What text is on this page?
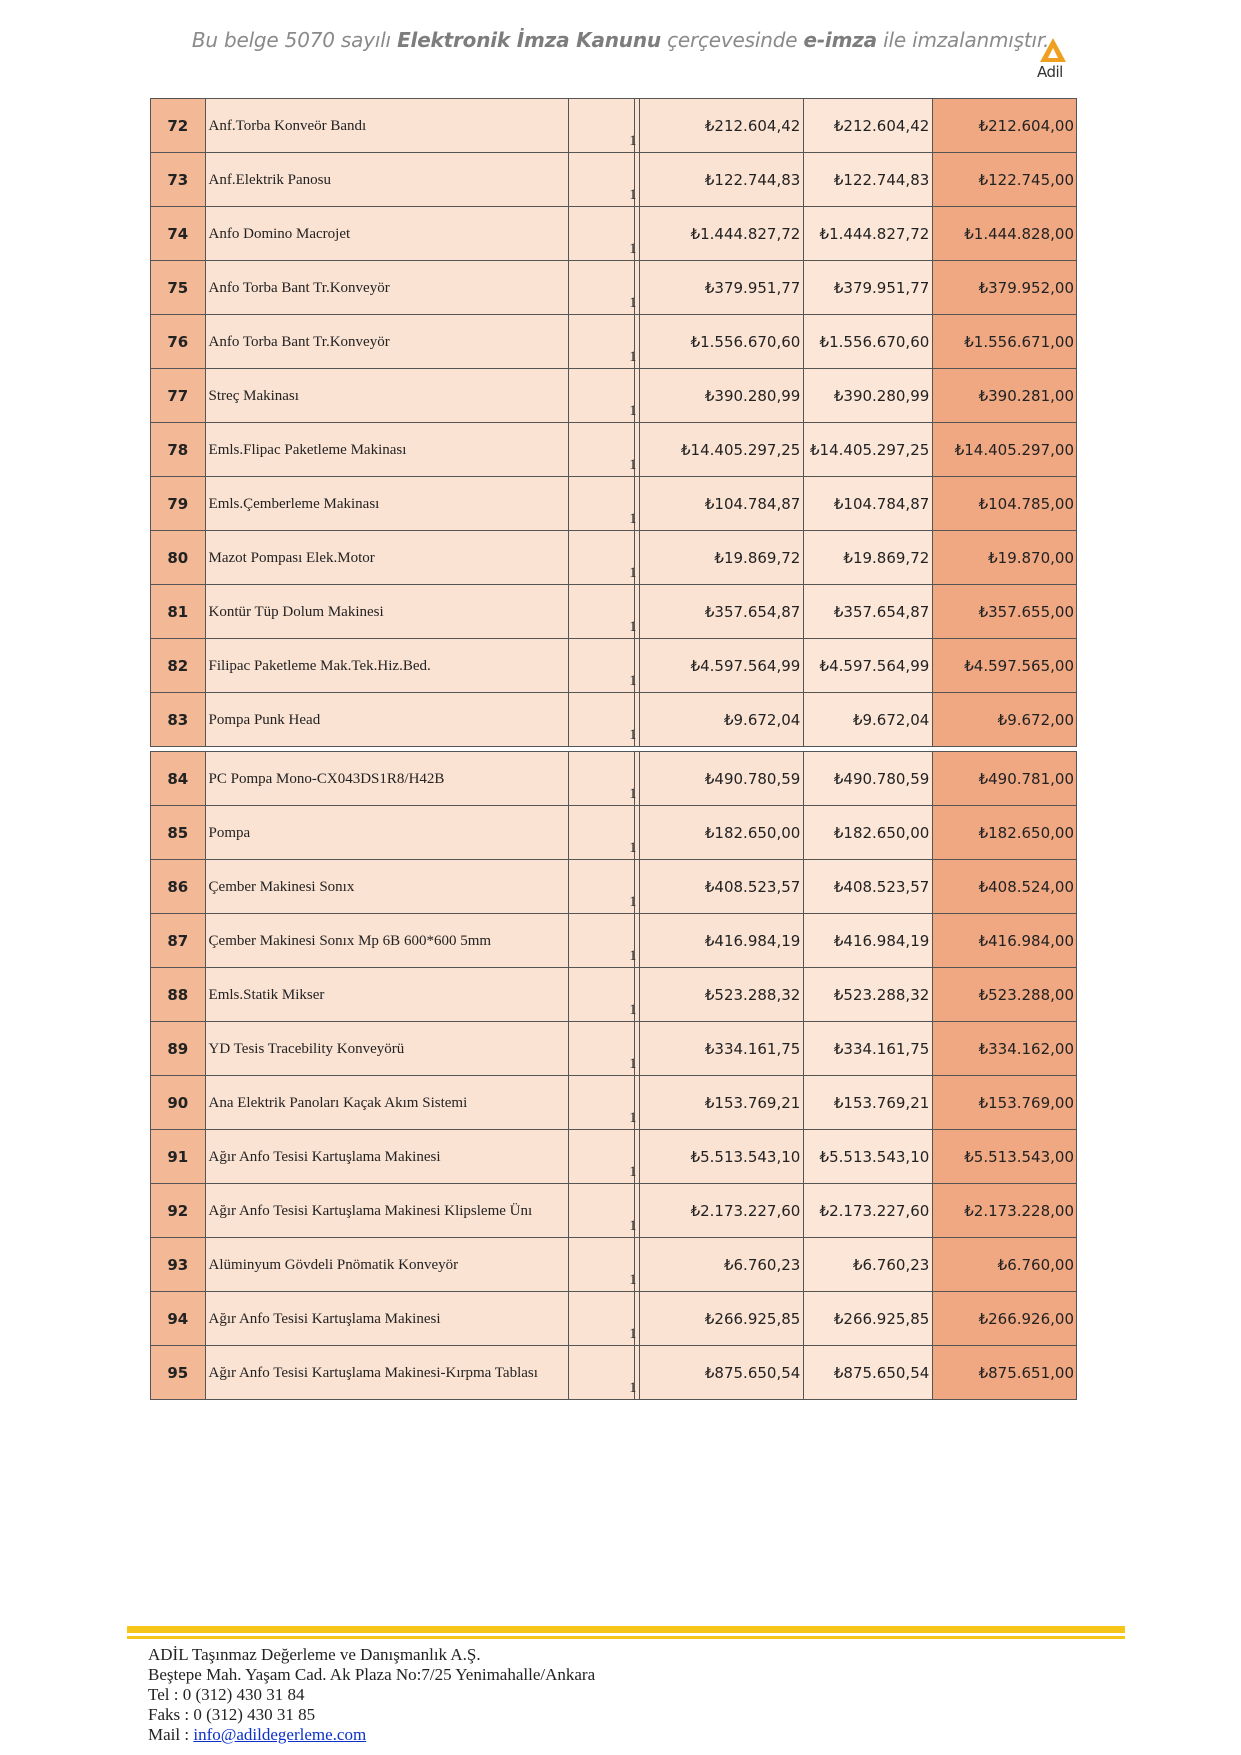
Bu belge 5070 sayılı Elektronik İmza Kanunu çerçevesinde e-imza ile imzalanmıştır.
Adil
72	Anf.Torba Konveör Bandı		1	₺212.604,42	₺212.604,42	₺212.604,00
73	Anf.Elektrik Panosu		1	₺122.744,83	₺122.744,83	₺122.745,00
74	Anfo Domino Macrojet		1	₺1.444.827,72	₺1.444.827,72	₺1.444.828,00
75	Anfo Torba Bant Tr.Konveyör		1	₺379.951,77	₺379.951,77	₺379.952,00
76	Anfo Torba Bant Tr.Konveyör		1	₺1.556.670,60	₺1.556.670,60	₺1.556.671,00
77	Streç Makinası		1	₺390.280,99	₺390.280,99	₺390.281,00
78	Emls.Flipac Paketleme Makinası		1	₺14.405.297,25	₺14.405.297,25	₺14.405.297,00
79	Emls.Çemberleme Makinası		1	₺104.784,87	₺104.784,87	₺104.785,00
80	Mazot Pompası Elek.Motor		1	₺19.869,72	₺19.869,72	₺19.870,00
81	Kontür Tüp Dolum Makinesi		1	₺357.654,87	₺357.654,87	₺357.655,00
82	Filipac Paketleme Mak.Tek.Hiz.Bed.		1	₺4.597.564,99	₺4.597.564,99	₺4.597.565,00
83	Pompa Punk Head		1	₺9.672,04	₺9.672,04	₺9.672,00

84	PC Pompa Mono-CX043DS1R8/H42B		1	₺490.780,59	₺490.780,59	₺490.781,00
85	Pompa		1	₺182.650,00	₺182.650,00	₺182.650,00
86	Çember Makinesi Sonıx		1	₺408.523,57	₺408.523,57	₺408.524,00
87	Çember Makinesi Sonıx Mp 6B 600*600 5mm		1	₺416.984,19	₺416.984,19	₺416.984,00
88	Emls.Statik Mikser		1	₺523.288,32	₺523.288,32	₺523.288,00
89	YD Tesis Tracebility Konveyörü		1	₺334.161,75	₺334.161,75	₺334.162,00
90	Ana Elektrik Panoları Kaçak Akım Sistemi		1	₺153.769,21	₺153.769,21	₺153.769,00
91	Ağır Anfo Tesisi Kartuşlama Makinesi		1	₺5.513.543,10	₺5.513.543,10	₺5.513.543,00
92	Ağır Anfo Tesisi Kartuşlama Makinesi Klipsleme Ünı		1	₺2.173.227,60	₺2.173.227,60	₺2.173.228,00
93	Alüminyum Gövdeli Pnömatik Konveyör		1	₺6.760,23	₺6.760,23	₺6.760,00
94	Ağır Anfo Tesisi Kartuşlama Makinesi		1	₺266.925,85	₺266.925,85	₺266.926,00
95	Ağır Anfo Tesisi Kartuşlama Makinesi-Kırpma Tablası		1	₺875.650,54	₺875.650,54	₺875.651,00
ADİL Taşınmaz Değerleme ve Danışmanlık A.Ş.
Beştepe Mah. Yaşam Cad. Ak Plaza No:7/25 Yenimahalle/Ankara
Tel : 0 (312) 430 31 84
Faks : 0 (312) 430 31 85
Mail : info@adildegerleme.com
